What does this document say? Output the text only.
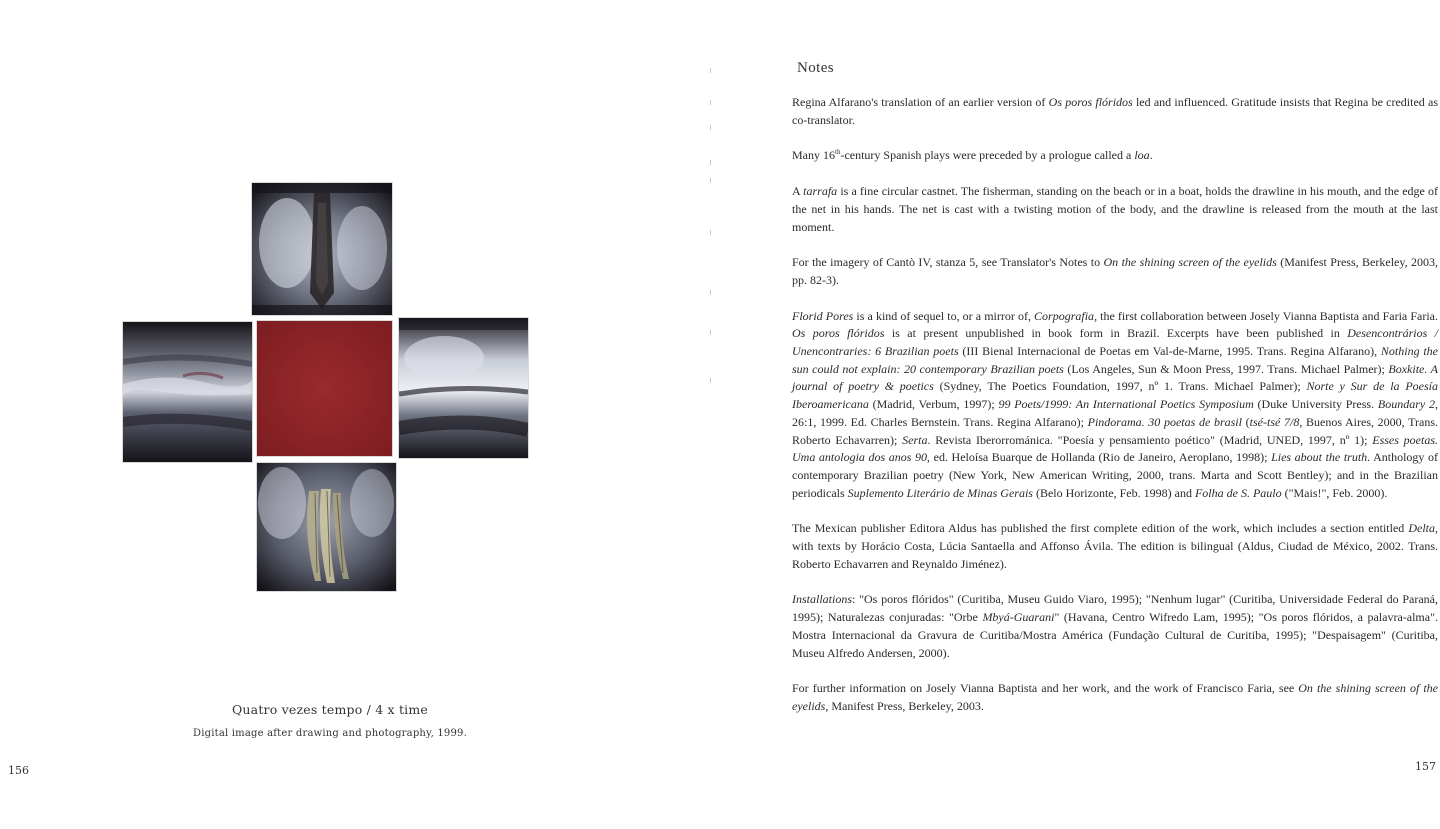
Quatro vezes tempo / 4 x time
Digital image after drawing and photography, 1999.
156
Notes

Regina Alfarano's translation of an earlier version of Os poros flóridos led and influenced. Gratitude insists that Regina be credited as co-translator.

Many 16th-century Spanish plays were preceded by a prologue called a loa.

A tarrafa is a fine circular castnet. The fisherman, standing on the beach or in a boat, holds the drawline in his mouth, and the edge of the net in his hands. The net is cast with a twisting motion of the body, and the drawline is released from the mouth at the last moment.

For the imagery of Cantò IV, stanza 5, see Translator's Notes to On the shining screen of the eyelids (Manifest Press, Berkeley, 2003, pp. 82-3).

Florid Pores is a kind of sequel to, or a mirror of, Corpografia, the first collaboration between Josely Vianna Baptista and Faria Faria. Os poros flóridos is at present unpublished in book form in Brazil. Excerpts have been published in Desencontrários / Unencontraries: 6 Brazilian poets (III Bienal Internacional de Poetas em Val-de-Marne, 1995. Trans. Regina Alfarano), Nothing the sun could not explain: 20 contemporary Brazilian poets (Los Angeles, Sun & Moon Press, 1997. Trans. Michael Palmer); Boxkite. A journal of poetry & poetics (Sydney, The Poetics Foundation, 1997, nº 1. Trans. Michael Palmer); Norte y Sur de la Poesía Iberoamericana (Madrid, Verbum, 1997); 99 Poets/1999: An International Poetics Symposium (Duke University Press. Boundary 2, 26:1, 1999. Ed. Charles Bernstein. Trans. Regina Alfarano); Pindorama. 30 poetas de brasil (tsé-tsé 7/8, Buenos Aires, 2000, Trans. Roberto Echavarren); Serta. Revista Iberorrománica. "Poesía y pensamiento poético" (Madrid, UNED, 1997, nº 1); Esses poetas. Uma antologia dos anos 90, ed. Heloísa Buarque de Hollanda (Rio de Janeiro, Aeroplano, 1998); Lies about the truth. Anthology of contemporary Brazilian poetry (New York, New American Writing, 2000, trans. Marta and Scott Bentley); and in the Brazilian periodicals Suplemento Literário de Minas Gerais (Belo Horizonte, Feb. 1998) and Folha de S. Paulo ("Mais!", Feb. 2000).

The Mexican publisher Editora Aldus has published the first complete edition of the work, which includes a section entitled Delta, with texts by Horácio Costa, Lúcia Santaella and Affonso Ávila. The edition is bilingual (Aldus, Ciudad de México, 2002. Trans. Roberto Echavarren and Reynaldo Jiménez).

Installations: "Os poros flóridos" (Curitiba, Museu Guido Viaro, 1995); "Nenhum lugar" (Curitiba, Universidade Federal do Paraná, 1995); Naturalezas conjuradas: "Orbe Mbyá-Guarani" (Havana, Centro Wifredo Lam, 1995); "Os poros flóridos, a palavra-alma". Mostra Internacional da Gravura de Curitiba/Mostra América (Fundação Cultural de Curitiba, 1995); "Despaisagem" (Curitiba, Museu Alfredo Andersen, 2000).

For further information on Josely Vianna Baptista and her work, and the work of Francisco Faria, see On the shining screen of the eyelids, Manifest Press, Berkeley, 2003.

157
